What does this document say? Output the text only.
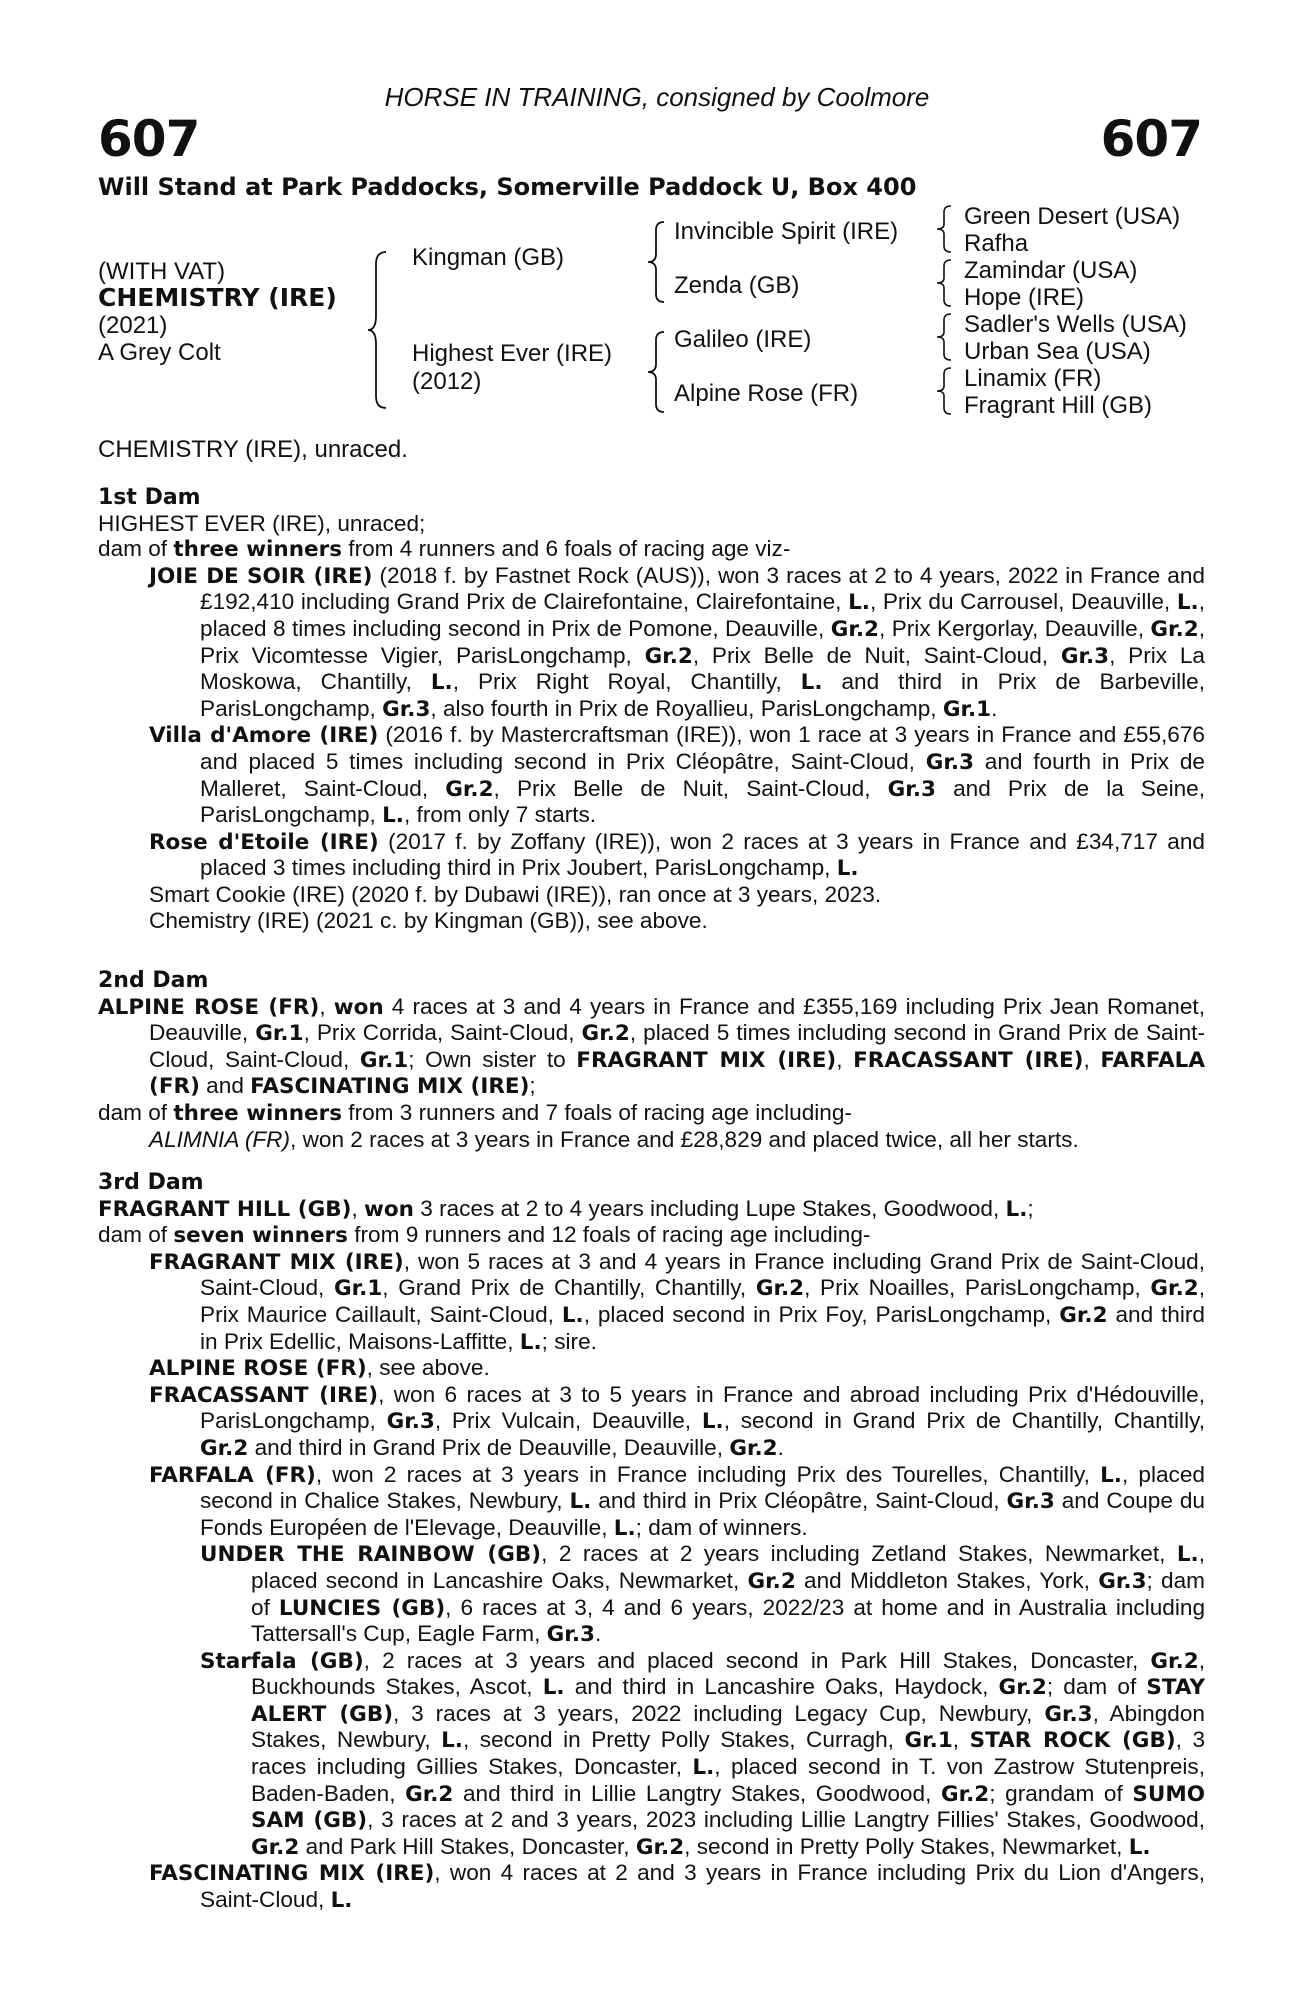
HORSE IN TRAINING, consigned by Coolmore
607	607
Will Stand at Park Paddocks, Somerville Paddock U, Box 400
(WITH VAT)
CHEMISTRY (IRE)
(2021)
A Grey Colt
Kingman (GB)
Highest Ever (IRE)
(2012)
Invincible Spirit (IRE)
Zenda (GB)
Galileo (IRE)
Alpine Rose (FR)
Green Desert (USA)
Rafha
Zamindar (USA)
Hope (IRE)
Sadler's Wells (USA)
Urban Sea (USA)
Linamix (FR)
Fragrant Hill (GB)
CHEMISTRY (IRE), unraced.
1st Dam
HIGHEST EVER (IRE), unraced;
dam of three winners from 4 runners and 6 foals of racing age viz-
JOIE DE SOIR (IRE) (2018 f. by Fastnet Rock (AUS)), won 3 races at 2 to 4 years, 2022 in France and £192,410 including Grand Prix de Clairefontaine, Clairefontaine, L., Prix du Carrousel, Deauville, L., placed 8 times including second in Prix de Pomone, Deauville, Gr.2, Prix Kergorlay, Deauville, Gr.2, Prix Vicomtesse Vigier, ParisLongchamp, Gr.2, Prix Belle de Nuit, Saint-Cloud, Gr.3, Prix La Moskowa, Chantilly, L., Prix Right Royal, Chantilly, L. and third in Prix de Barbeville, ParisLongchamp, Gr.3, also fourth in Prix de Royallieu, ParisLongchamp, Gr.1.
Villa d'Amore (IRE) (2016 f. by Mastercraftsman (IRE)), won 1 race at 3 years in France and £55,676 and placed 5 times including second in Prix Cléopâtre, Saint-Cloud, Gr.3 and fourth in Prix de Malleret, Saint-Cloud, Gr.2, Prix Belle de Nuit, Saint-Cloud, Gr.3 and Prix de la Seine, ParisLongchamp, L., from only 7 starts.
Rose d'Etoile (IRE) (2017 f. by Zoffany (IRE)), won 2 races at 3 years in France and £34,717 and placed 3 times including third in Prix Joubert, ParisLongchamp, L.
Smart Cookie (IRE) (2020 f. by Dubawi (IRE)), ran once at 3 years, 2023.
Chemistry (IRE) (2021 c. by Kingman (GB)), see above.
2nd Dam
ALPINE ROSE (FR), won 4 races at 3 and 4 years in France and £355,169 including Prix Jean Romanet, Deauville, Gr.1, Prix Corrida, Saint-Cloud, Gr.2, placed 5 times including second in Grand Prix de Saint-Cloud, Saint-Cloud, Gr.1; Own sister to FRAGRANT MIX (IRE), FRACASSANT (IRE), FARFALA (FR) and FASCINATING MIX (IRE);
dam of three winners from 3 runners and 7 foals of racing age including-
ALIMNIA (FR), won 2 races at 3 years in France and £28,829 and placed twice, all her starts.
3rd Dam
FRAGRANT HILL (GB), won 3 races at 2 to 4 years including Lupe Stakes, Goodwood, L.;
dam of seven winners from 9 runners and 12 foals of racing age including-
FRAGRANT MIX (IRE), won 5 races at 3 and 4 years in France including Grand Prix de Saint-Cloud, Saint-Cloud, Gr.1, Grand Prix de Chantilly, Chantilly, Gr.2, Prix Noailles, ParisLongchamp, Gr.2, Prix Maurice Caillault, Saint-Cloud, L., placed second in Prix Foy, ParisLongchamp, Gr.2 and third in Prix Edellic, Maisons-Laffitte, L.; sire.
ALPINE ROSE (FR), see above.
FRACASSANT (IRE), won 6 races at 3 to 5 years in France and abroad including Prix d'Hédouville, ParisLongchamp, Gr.3, Prix Vulcain, Deauville, L., second in Grand Prix de Chantilly, Chantilly, Gr.2 and third in Grand Prix de Deauville, Deauville, Gr.2.
FARFALA (FR), won 2 races at 3 years in France including Prix des Tourelles, Chantilly, L., placed second in Chalice Stakes, Newbury, L. and third in Prix Cléopâtre, Saint-Cloud, Gr.3 and Coupe du Fonds Européen de l'Elevage, Deauville, L.; dam of winners.
UNDER THE RAINBOW (GB), 2 races at 2 years including Zetland Stakes, Newmarket, L., placed second in Lancashire Oaks, Newmarket, Gr.2 and Middleton Stakes, York, Gr.3; dam of LUNCIES (GB), 6 races at 3, 4 and 6 years, 2022/23 at home and in Australia including Tattersall's Cup, Eagle Farm, Gr.3.
Starfala (GB), 2 races at 3 years and placed second in Park Hill Stakes, Doncaster, Gr.2, Buckhounds Stakes, Ascot, L. and third in Lancashire Oaks, Haydock, Gr.2; dam of STAY ALERT (GB), 3 races at 3 years, 2022 including Legacy Cup, Newbury, Gr.3, Abingdon Stakes, Newbury, L., second in Pretty Polly Stakes, Curragh, Gr.1, STAR ROCK (GB), 3 races including Gillies Stakes, Doncaster, L., placed second in T. von Zastrow Stutenpreis, Baden-Baden, Gr.2 and third in Lillie Langtry Stakes, Goodwood, Gr.2; grandam of SUMO SAM (GB), 3 races at 2 and 3 years, 2023 including Lillie Langtry Fillies' Stakes, Goodwood, Gr.2 and Park Hill Stakes, Doncaster, Gr.2, second in Pretty Polly Stakes, Newmarket, L.
FASCINATING MIX (IRE), won 4 races at 2 and 3 years in France including Prix du Lion d'Angers, Saint-Cloud, L.
